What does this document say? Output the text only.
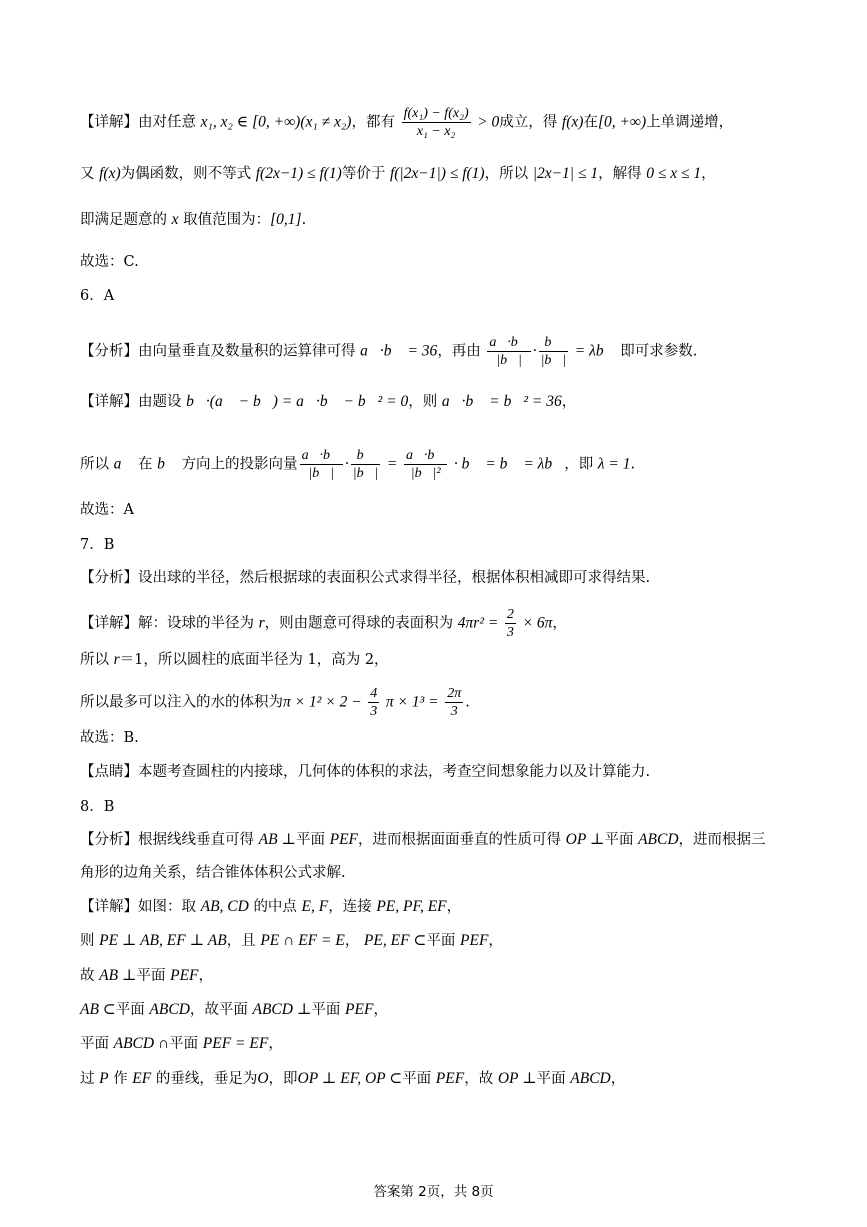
【详解】由对任意 x₁, x₂ ∈ [0, +∞)(x₁ ≠ x₂)，都有 $\frac{\text{f(x₁) − f(x₂)}}{\text{x₁ − x₂}} > 0$成立，得 f(x)在[0, +∞)上单调递增，
又 f(x)为偶函数，则不等式 f(2x−1) ≤ f(1)等价于 f(|2x−1|) ≤ f(1)，所以 |2x−1| ≤ 1，解得 0 ≤ x ≤ 1，
即满足题意的 x 取值范围为：[0,1].
故选：C.
6．A
【分析】由向量垂直及数量积的运算律可得 a⃗·b⃗ = 36，再由 $\frac{a⃗\cdot b⃗}{|b⃗|} \cdot \frac{b⃗}{|b⃗|}$ = λb⃗ 即可求参数.
【详解】由题设 b⃗·(a⃗ − b⃗) = a⃗·b⃗ − b⃗² = 0，则 a⃗·b⃗ = b⃗² = 36，
所以 a⃗ 在 b⃗ 方向上的投影向量 $\frac{a⃗\cdot b⃗}{|b⃗|} \cdot \frac{b⃗}{|b⃗|} = \frac{a⃗\cdot b⃗}{\text{|b⃗|²}}$ · b⃗ = b⃗ = λb⃗，即 λ = 1.
故选：A
7．B
【分析】设出球的半径，然后根据球的表面积公式求得半径，根据体积相减即可求得结果.
【详解】解：设球的半径为 r，则由题意可得球的表面积为 $4\pi r^2 = \frac{2}{3} \times 6\pi$，
所以 r＝1，所以圆柱的底面半径为 1，高为 2，
所以最多可以注入的水的体积为$\pi \times 1^2 \times 2 - \frac{4}{3}$ $\pi \times 1^3 = \frac{2\pi}{3}$ .
故选：B.
【点睛】本题考查圆柱的内接球，几何体的体积的求法，考查空间想象能力以及计算能力.
8．B
【分析】根据线线垂直可得 AB ⊥平面 PEF，进而根据面面垂直的性质可得 OP ⊥平面 ABCD，进而根据三
角形的边角关系，结合锥体体积公式求解.
【详解】如图：取 AB, CD 的中点 E, F，连接 PE, PF, EF，
则 PE ⊥ AB, EF ⊥ AB，且 PE ∩ EF = E， PE, EF ⊂平面 PEF，
故 AB ⊥平面 PEF，
AB ⊂平面 ABCD，故平面 ABCD ⊥平面 PEF，
平面 ABCD ∩平面 PEF = EF，
过 P 作 EF 的垂线，垂足为O，即OP ⊥ EF, OP ⊂平面 PEF，故 OP ⊥平面 ABCD，
答案第 2页，共 8页
